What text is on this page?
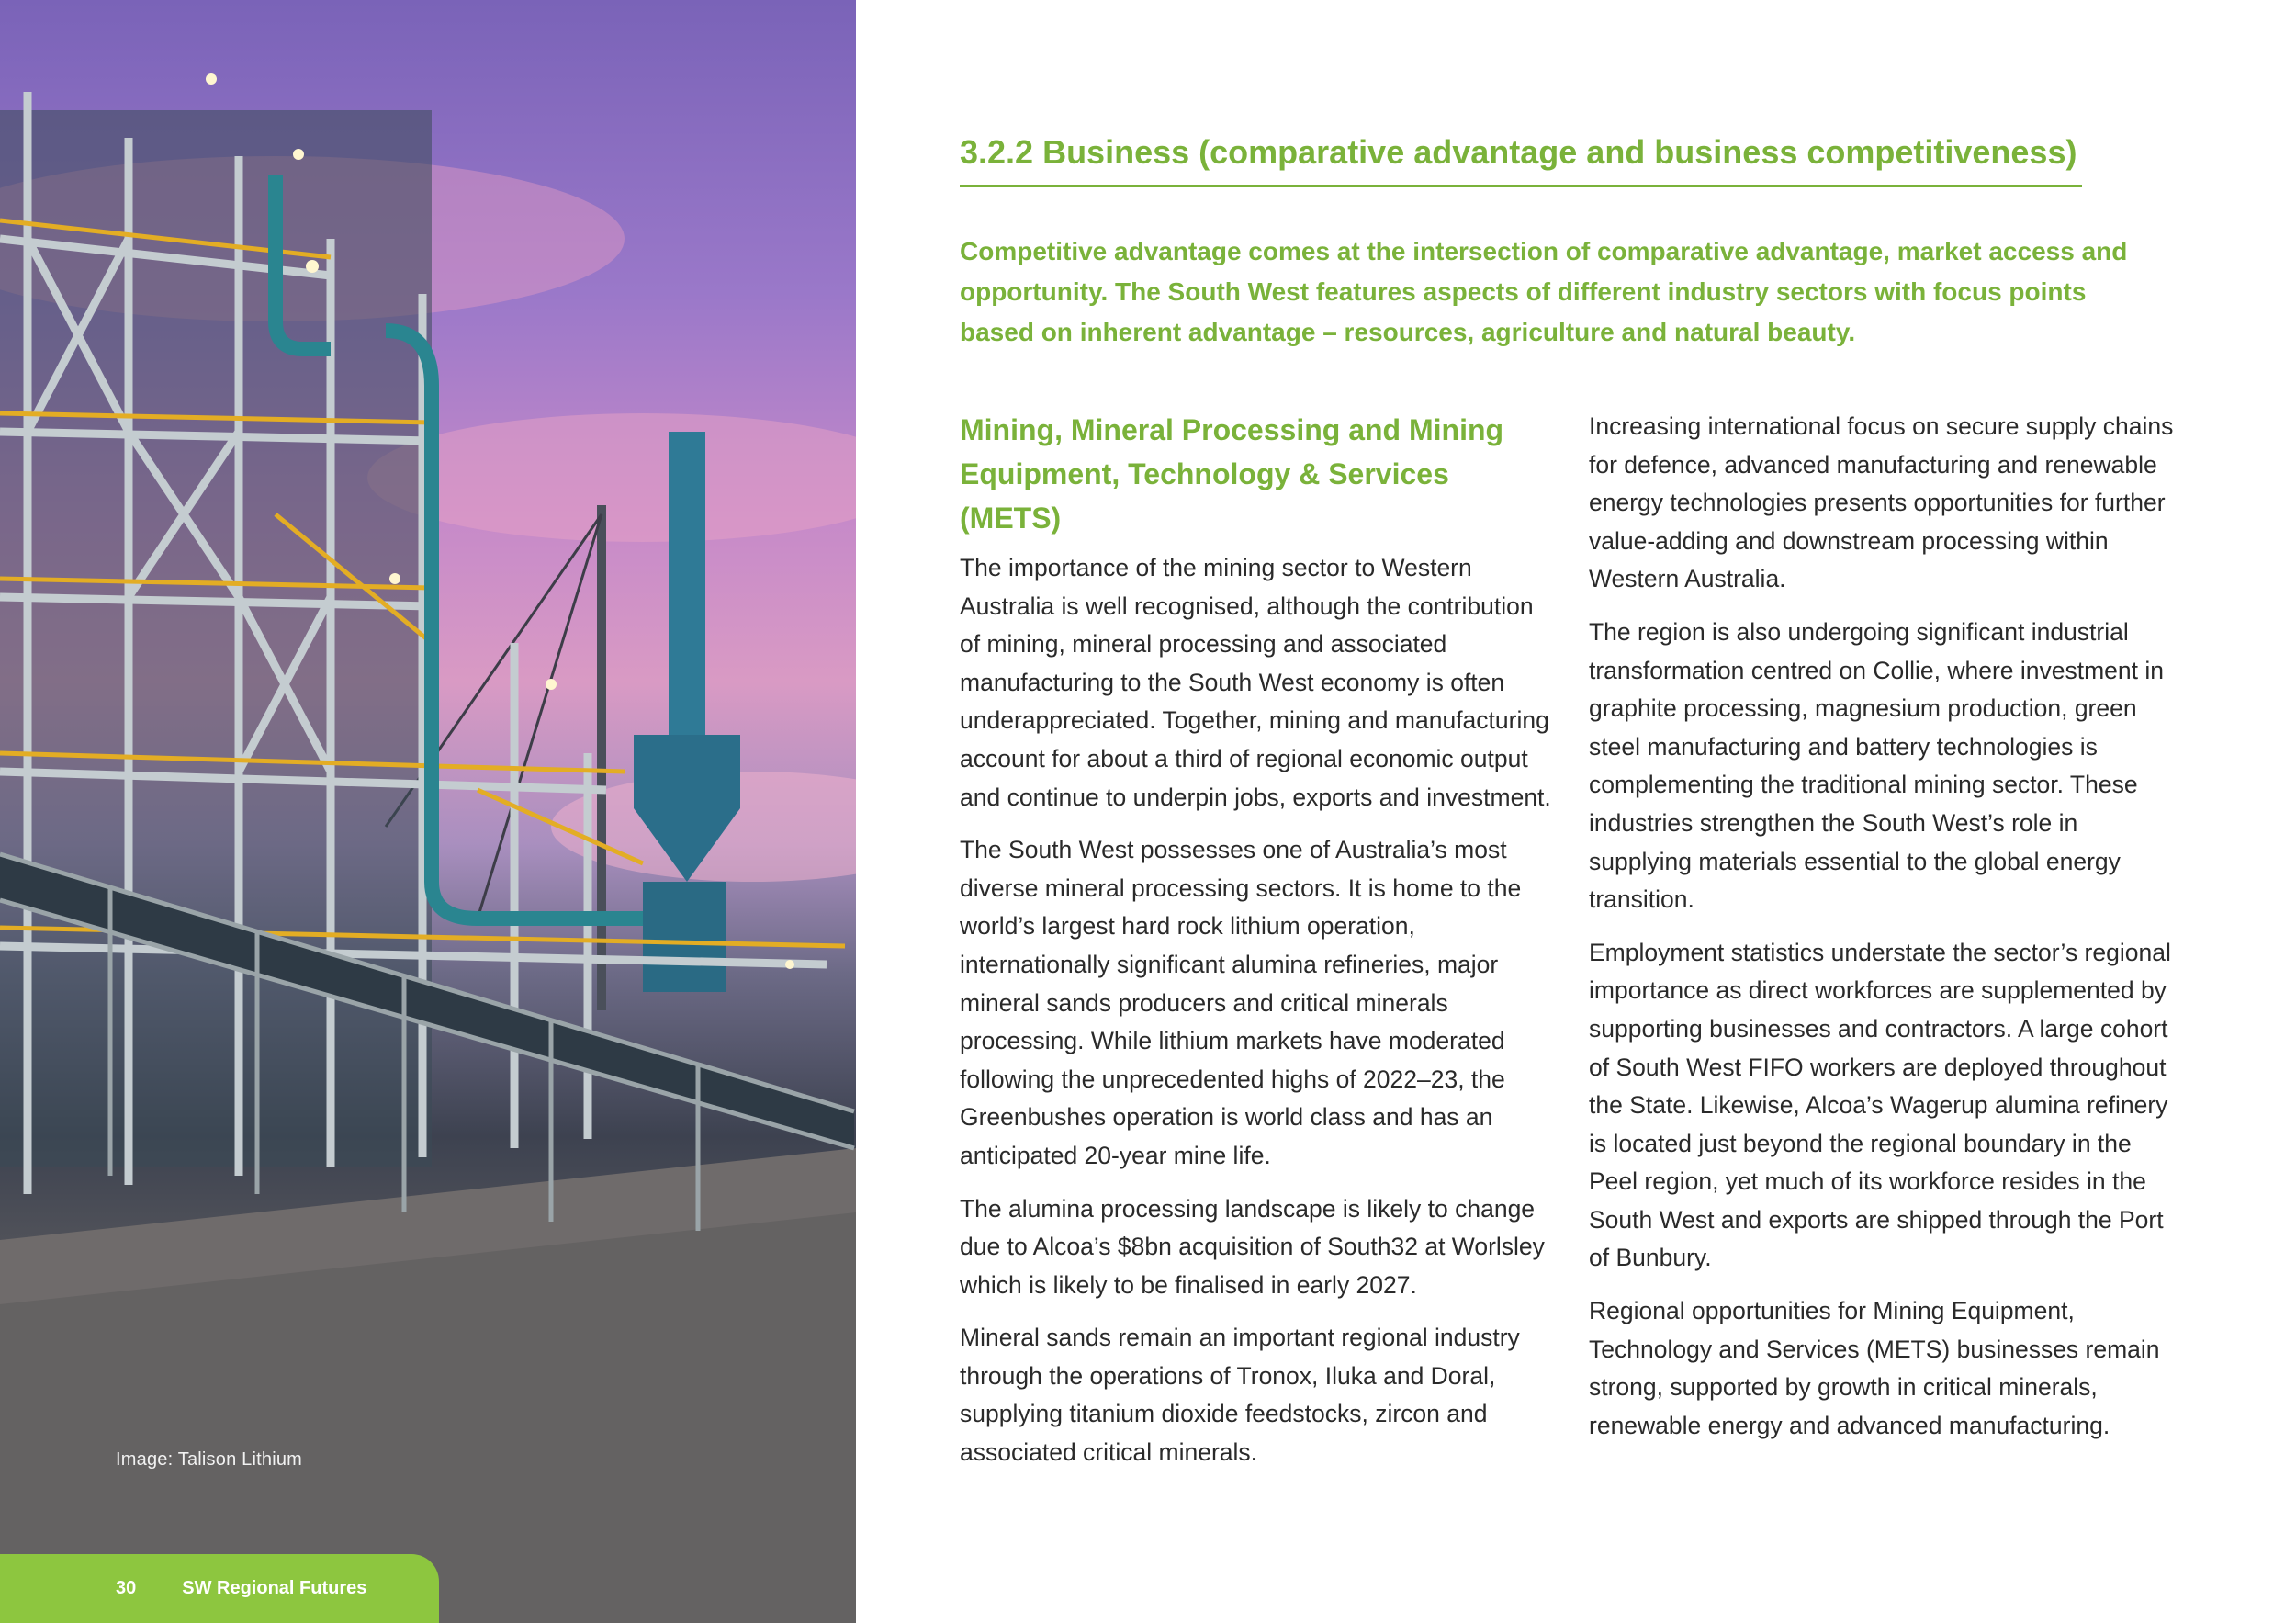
Image: Talison Lithium
30	SW Regional Futures
3.2.2 Business (comparative advantage and business competitiveness)

Competitive advantage comes at the intersection of comparative advantage, market access and opportunity. The South West features aspects of different industry sectors with focus points based on inherent advantage – resources, agriculture and natural beauty.

Mining, Mineral Processing and Mining Equipment, Technology & Services (METS)

The importance of the mining sector to Western Australia is well recognised, although the contribution of mining, mineral processing and associated manufacturing to the South West economy is often underappreciated. Together, mining and manufacturing account for about a third of regional economic output and continue to underpin jobs, exports and investment.

The South West possesses one of Australia’s most diverse mineral processing sectors. It is home to the world’s largest hard rock lithium operation, internationally significant alumina refineries, major mineral sands producers and critical minerals processing. While lithium markets have moderated following the unprecedented highs of 2022–23, the Greenbushes operation is world class and has an anticipated 20-year mine life.

The alumina processing landscape is likely to change due to Alcoa’s $8bn acquisition of South32 at Worlsley which is likely to be finalised in early 2027.

Mineral sands remain an important regional industry through the operations of Tronox, Iluka and Doral, supplying titanium dioxide feedstocks, zircon and associated critical minerals.

Increasing international focus on secure supply chains for defence, advanced manufacturing and renewable energy technologies presents opportunities for further value-adding and downstream processing within Western Australia.

The region is also undergoing significant industrial transformation centred on Collie, where investment in graphite processing, magnesium production, green steel manufacturing and battery technologies is complementing the traditional mining sector. These industries strengthen the South West’s role in supplying materials essential to the global energy transition.

Employment statistics understate the sector’s regional importance as direct workforces are supplemented by supporting businesses and contractors. A large cohort of South West FIFO workers are deployed throughout the State. Likewise, Alcoa’s Wagerup alumina refinery is located just beyond the regional boundary in the Peel region, yet much of its workforce resides in the South West and exports are shipped through the Port of Bunbury.

Regional opportunities for Mining Equipment, Technology and Services (METS) businesses remain strong, supported by growth in critical minerals, renewable energy and advanced manufacturing.
